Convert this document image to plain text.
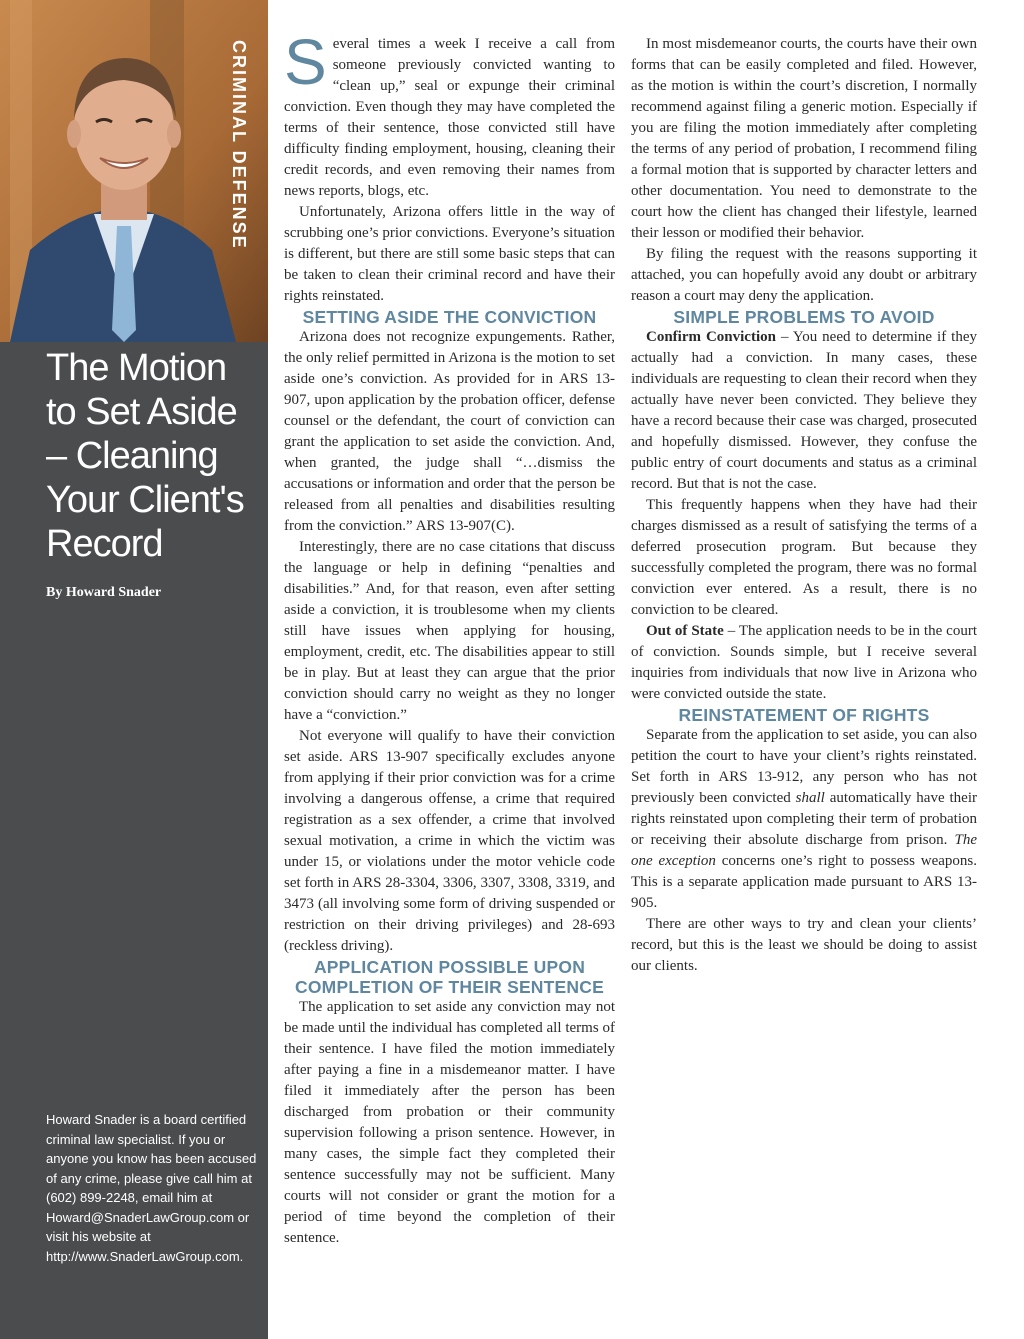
CRIMINAL DEFENSE
The Motion
to Set Aside
– Cleaning
Your Client's
Record
By Howard Snader

Howard Snader is a board certified criminal law specialist. If you or anyone you know has been accused of any crime, please give call him at (602) 899-2248, email him at Howard@SnaderLawGroup.com or visit his website at http://www.SnaderLawGroup.com.

Several times a week I receive a call from someone previously convicted wanting to “clean up,” seal or expunge their criminal conviction. Even though they may have completed the terms of their sentence, those convicted still have difficulty finding employment, housing, cleaning their credit records, and even removing their names from news reports, blogs, etc.

Unfortunately, Arizona offers little in the way of scrubbing one’s prior convictions. Everyone’s situation is different, but there are still some basic steps that can be taken to clean their criminal record and have their rights reinstated.

SETTING ASIDE THE CONVICTION

Arizona does not recognize expungements. Rather, the only relief permitted in Arizona is the motion to set aside one’s conviction. As provided for in ARS 13-907, upon application by the probation officer, defense counsel or the defendant, the court of conviction can grant the application to set aside the conviction. And, when granted, the judge shall “…dismiss the accusations or information and order that the person be released from all penalties and disabilities resulting from the conviction.” ARS 13-907(C).

Interestingly, there are no case citations that discuss the language or help in defining “penalties and disabilities.” And, for that reason, even after setting aside a conviction, it is troublesome when my clients still have issues when applying for housing, employment, credit, etc. The disabilities appear to still be in play. But at least they can argue that the prior conviction should carry no weight as they no longer have a “conviction.”

Not everyone will qualify to have their conviction set aside. ARS 13-907 specifically excludes anyone from applying if their prior conviction was for a crime involving a dangerous offense, a crime that required registration as a sex offender, a crime that involved sexual motivation, a crime in which the victim was under 15, or violations under the motor vehicle code set forth in ARS 28-3304, 3306, 3307, 3308, 3319, and 3473 (all involving some form of driving suspended or restriction on their driving privileges) and 28-693 (reckless driving).

APPLICATION POSSIBLE UPON COMPLETION OF THEIR SENTENCE

The application to set aside any conviction may not be made until the individual has completed all terms of their sentence. I have filed the motion immediately after paying a fine in a misdemeanor matter. I have filed it immediately after the person has been discharged from probation or their community supervision following a prison sentence. However, in many cases, the simple fact they completed their sentence successfully may not be sufficient. Many courts will not consider or grant the motion for a period of time beyond the completion of their sentence.

In most misdemeanor courts, the courts have their own forms that can be easily completed and filed. However, as the motion is within the court’s discretion, I normally recommend against filing a generic motion. Especially if you are filing the motion immediately after completing the terms of any period of probation, I recommend filing a formal motion that is supported by character letters and other documentation. You need to demonstrate to the court how the client has changed their lifestyle, learned their lesson or modified their behavior.

By filing the request with the reasons supporting it attached, you can hopefully avoid any doubt or arbitrary reason a court may deny the application.

SIMPLE PROBLEMS TO AVOID

Confirm Conviction – You need to determine if they actually had a conviction. In many cases, these individuals are requesting to clean their record when they actually have never been convicted. They believe they have a record because their case was charged, prosecuted and hopefully dismissed. However, they confuse the public entry of court documents and status as a criminal record. But that is not the case.

This frequently happens when they have had their charges dismissed as a result of satisfying the terms of a deferred prosecution program. But because they successfully completed the program, there was no formal conviction ever entered. As a result, there is no conviction to be cleared.

Out of State – The application needs to be in the court of conviction. Sounds simple, but I receive several inquiries from individuals that now live in Arizona who were convicted outside the state.

REINSTATEMENT OF RIGHTS

Separate from the application to set aside, you can also petition the court to have your client’s rights reinstated. Set forth in ARS 13-912, any person who has not previously been convicted shall automatically have their rights reinstated upon completing their term of probation or receiving their absolute discharge from prison. The one exception concerns one’s right to possess weapons. This is a separate application made pursuant to ARS 13-905.

There are other ways to try and clean your clients’ record, but this is the least we should be doing to assist our clients.
